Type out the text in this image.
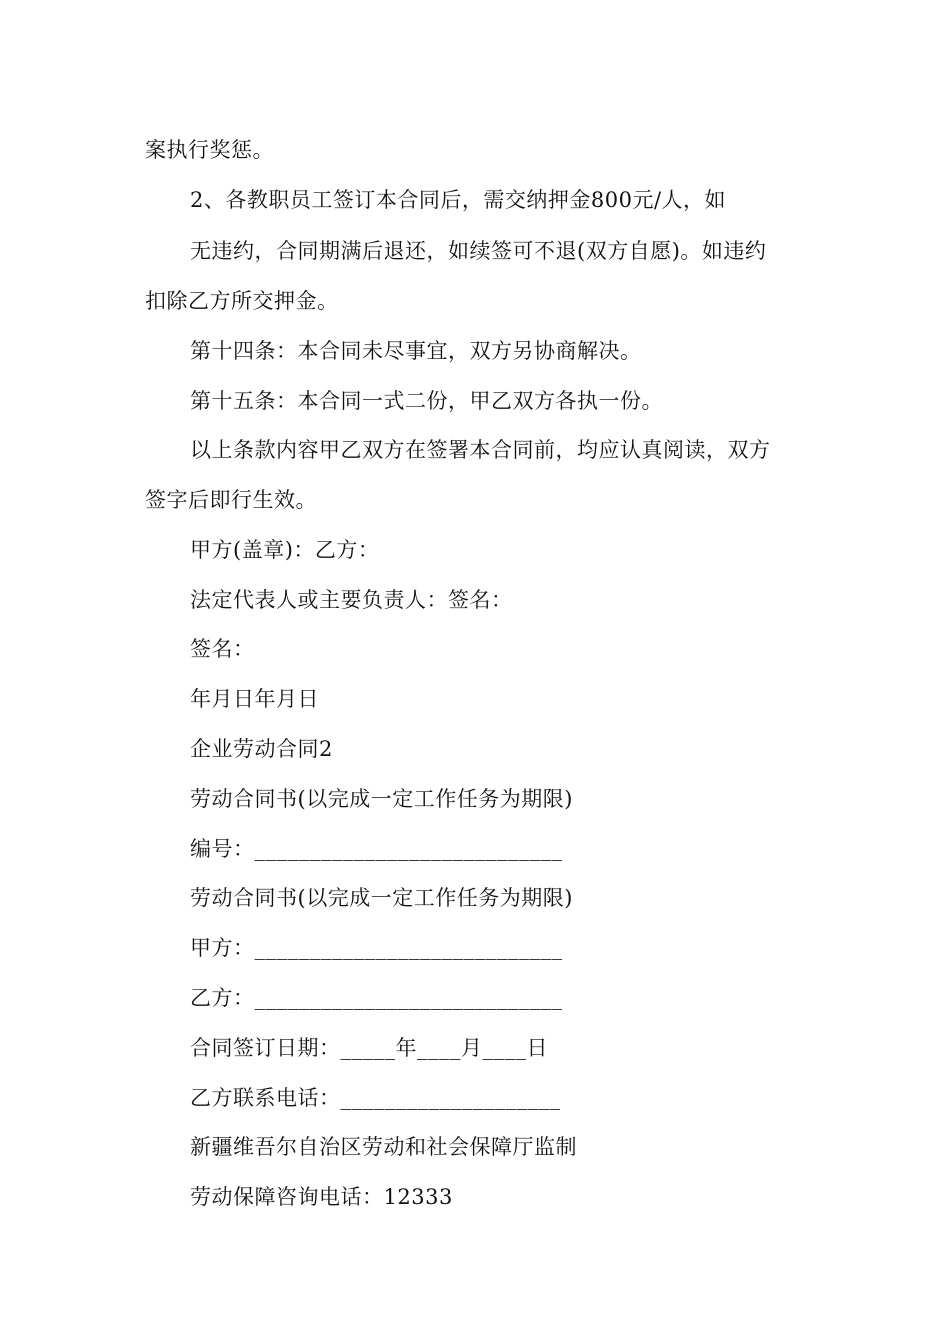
案执行奖惩。
2、各教职员工签订本合同后，需交纳押金800元/人，如
无违约，合同期满后退还，如续签可不退(双方自愿)。如违约
扣除乙方所交押金。
第十四条：本合同未尽事宜，双方另协商解决。
第十五条：本合同一式二份，甲乙双方各执一份。
以上条款内容甲乙双方在签署本合同前，均应认真阅读，双方
签字后即行生效。
甲方(盖章)：乙方：
法定代表人或主要负责人：签名：
签名：
年月日年月日
企业劳动合同2
劳动合同书(以完成一定工作任务为期限)
编号：____________________________
劳动合同书(以完成一定工作任务为期限)
甲方：____________________________
乙方：____________________________
合同签订日期：_____年____月____日
乙方联系电话：____________________
新疆维吾尔自治区劳动和社会保障厅监制
劳动保障咨询电话：12333
